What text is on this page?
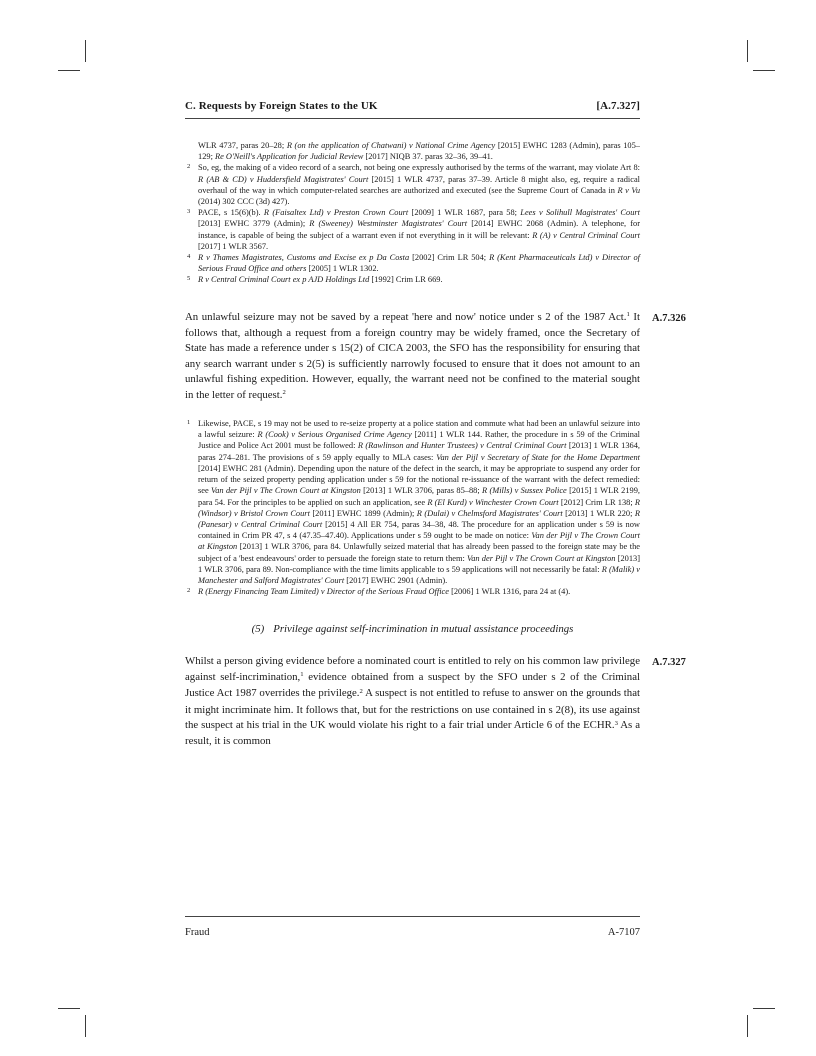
C. Requests by Foreign States to the UK	[A.7.327]
WLR 4737, paras 20–28; R (on the application of Chatwani) v National Crime Agency [2015] EWHC 1283 (Admin), paras 105–129; Re O'Neill's Application for Judicial Review [2017] NIQB 37. paras 32–36, 39–41.
2 So, eg, the making of a video record of a search, not being one expressly authorised by the terms of the warrant, may violate Art 8: R (AB & CD) v Huddersfield Magistrates' Court [2015] 1 WLR 4737, paras 37–39. Article 8 might also, eg, require a radical overhaul of the way in which computer-related searches are authorized and executed (see the Supreme Court of Canada in R v Vu (2014) 302 CCC (3d) 427).
3 PACE, s 15(6)(b). R (Faisaltex Ltd) v Preston Crown Court [2009] 1 WLR 1687, para 58; Lees v Solihull Magistrates' Court [2013] EWHC 3779 (Admin); R (Sweeney) Westminster Magistrates' Court [2014] EWHC 2068 (Admin). A telephone, for instance, is capable of being the subject of a warrant even if not everything in it will be relevant: R (A) v Central Criminal Court [2017] 1 WLR 3567.
4 R v Thames Magistrates, Customs and Excise ex p Da Costa [2002] Crim LR 504; R (Kent Pharmaceuticals Ltd) v Director of Serious Fraud Office and others [2005] 1 WLR 1302.
5 R v Central Criminal Court ex p AJD Holdings Ltd [1992] Crim LR 669.
A.7.326
An unlawful seizure may not be saved by a repeat 'here and now' notice under s 2 of the 1987 Act.$^1$ It follows that, although a request from a foreign country may be widely framed, once the Secretary of State has made a reference under s 15(2) of CICA 2003, the SFO has the responsibility for ensuring that any search warrant under s 2(5) is sufficiently narrowly focused to ensure that it does not amount to an unlawful fishing expedition. However, equally, the warrant need not be confined to the material sought in the letter of request.$^2$
1 Likewise, PACE, s 19 may not be used to re-seize property at a police station and commute what had been an unlawful seizure into a lawful seizure: R (Cook) v Serious Organised Crime Agency [2011] 1 WLR 144. Rather, the procedure in s 59 of the Criminal Justice and Police Act 2001 must be followed: R (Rawlinson and Hunter Trustees) v Central Criminal Court [2013] 1 WLR 1364, paras 274–281. The provisions of s 59 apply equally to MLA cases: Van der Pijl v Secretary of State for the Home Department [2014] EWHC 281 (Admin). Depending upon the nature of the defect in the search, it may be appropriate to suspend any order for return of the seized property pending application under s 59 for the notional re-issuance of the warrant with the defect remedied: see Van der Pijl v The Crown Court at Kingston [2013] 1 WLR 3706, paras 85–88; R (Mills) v Sussex Police [2015] 1 WLR 2199, para 54. For the principles to be applied on such an application, see R (El Kurd) v Winchester Crown Court [2012] Crim LR 138; R (Windsor) v Bristol Crown Court [2011] EWHC 1899 (Admin); R (Dulai) v Chelmsford Magistrates' Court [2013] 1 WLR 220; R (Panesar) v Central Criminal Court [2015] 4 All ER 754, paras 34–38, 48. The procedure for an application under s 59 is now contained in Crim PR 47, s 4 (47.35–47.40). Applications under s 59 ought to be made on notice: Van der Pijl v The Crown Court at Kingston [2013] 1 WLR 3706, para 84. Unlawfully seized material that has already been passed to the foreign state may be the subject of a 'best endeavours' order to persuade the foreign state to return them: Van der Pijl v The Crown Court at Kingston [2013] 1 WLR 3706, para 89. Non-compliance with the time limits applicable to s 59 applications will not necessarily be fatal: R (Malik) v Manchester and Salford Magistrates' Court [2017] EWHC 2901 (Admin).
2 R (Energy Financing Team Limited) v Director of the Serious Fraud Office [2006] 1 WLR 1316, para 24 at (4).
(5) Privilege against self-incrimination in mutual assistance proceedings
A.7.327
Whilst a person giving evidence before a nominated court is entitled to rely on his common law privilege against self-incrimination,$^1$ evidence obtained from a suspect by the SFO under s 2 of the Criminal Justice Act 1987 overrides the privilege.$^2$ A suspect is not entitled to refuse to answer on the grounds that it might incriminate him. It follows that, but for the restrictions on use contained in s 2(8), its use against the suspect at his trial in the UK would violate his right to a fair trial under Article 6 of the ECHR.$^3$ As a result, it is common
Fraud	A-7107
